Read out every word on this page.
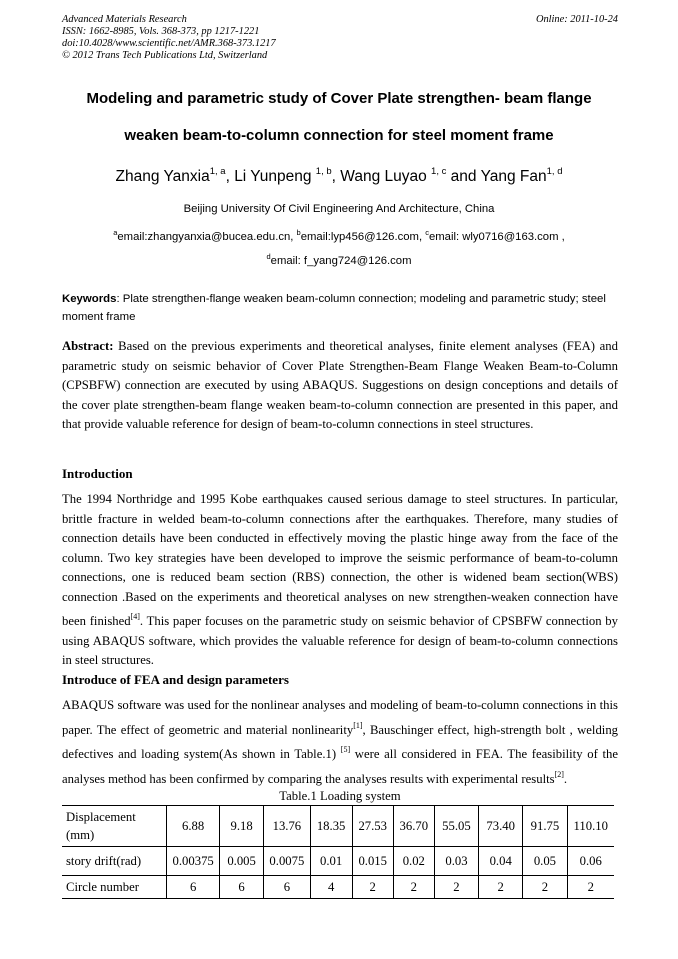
Advanced Materials Research	Online: 2011-10-24
ISSN: 1662-8985, Vols. 368-373, pp 1217-1221
doi:10.4028/www.scientific.net/AMR.368-373.1217
© 2012 Trans Tech Publications Ltd, Switzerland
Modeling and parametric study of Cover Plate strengthen- beam flange
weaken beam-to-column connection for steel moment frame
Zhang Yanxia$^{1, a}$, Li Yunpeng $^{1, b}$, Wang Luyao $^{1, c}$ and Yang Fan$^{1, d}$
Beijing University Of Civil Engineering And Architecture, China
$^a$email:zhangyanxia@bucea.edu.cn, $^b$email:lyp456@126.com, $^c$email: wly0716@163.com ,
$^d$email: f_yang724@126.com
Keywords: Plate strengthen-flange weaken beam-column connection; modeling and parametric study; steel moment frame
Abstract: Based on the previous experiments and theoretical analyses, finite element analyses (FEA) and parametric study on seismic behavior of Cover Plate Strengthen-Beam Flange Weaken Beam-to-Column (CPSBFW) connection are executed by using ABAQUS. Suggestions on design conceptions and details of the cover plate strengthen-beam flange weaken beam-to-column connection are presented in this paper, and that provide valuable reference for design of beam-to-column connections in steel structures.
Introduction
The 1994 Northridge and 1995 Kobe earthquakes caused serious damage to steel structures. In particular, brittle fracture in welded beam-to-column connections after the earthquakes. Therefore, many studies of connection details have been conducted in effectively moving the plastic hinge away from the face of the column. Two key strategies have been developed to improve the seismic performance of beam-to-column connections, one is reduced beam section (RBS) connection, the other is widened beam section(WBS) connection .Based on the experiments and theoretical analyses on new strengthen-weaken connection have been finished[4]. This paper focuses on the parametric study on seismic behavior of CPSBFW connection by using ABAQUS software, which provides the valuable reference for design of beam-to-column connections in steel structures.
Introduce of FEA and design parameters
ABAQUS software was used for the nonlinear analyses and modeling of beam-to-column connections in this paper. The effect of geometric and material nonlinearity[1], Bauschinger effect, high-strength bolt , welding defectives and loading system(As shown in Table.1) [5] were all considered in FEA. The feasibility of the analyses method has been confirmed by comparing the analyses results with experimental results[2].
Table.1 Loading system
Displacement (mm)	6.88	9.18	13.76	18.35	27.53	36.70	55.05	73.40	91.75	110.10
story drift(rad)	0.00375	0.005	0.0075	0.01	0.015	0.02	0.03	0.04	0.05	0.06
Circle number	6	6	6	4	2	2	2	2	2	2
